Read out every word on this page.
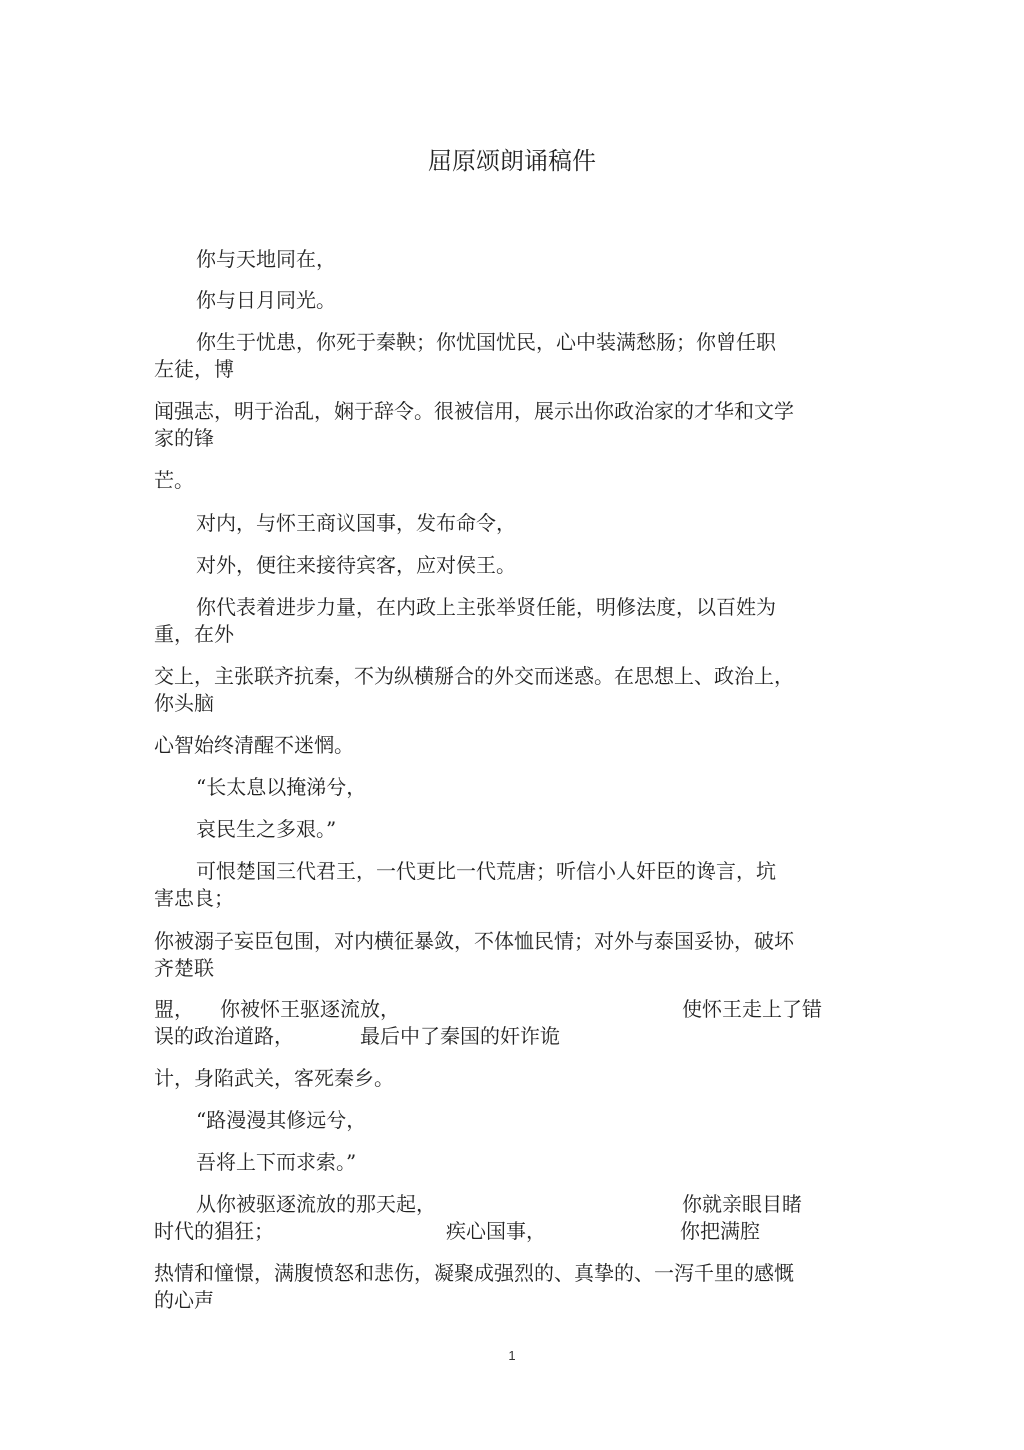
屈原颂朗诵稿件
你与天地同在，
你与日月同光。
你生于忧患，你死于秦鞅；你忧国忧民，心中装满愁肠；你曾任职
左徒，博
闻强志，明于治乱，娴于辞令。很被信用，展示出你政治家的才华和文学
家的锋
芒。
对内，与怀王商议国事，发布命令，
对外，便往来接待宾客，应对侯王。
你代表着进步力量，在内政上主张举贤任能，明修法度，以百姓为
重，在外
交上，主张联齐抗秦，不为纵横掰合的外交而迷惑。在思想上、政治上，
你头脑
心智始终清醒不迷惘。
“长太息以掩涕兮，
哀民生之多艰。”
可恨楚国三代君王，一代更比一代荒唐；听信小人奸臣的谗言，坑
害忠良；
你被溺子妄臣包围，对内横征暴敛，不体恤民情；对外与泰国妥协，破坏
齐楚联
盟， 你被怀王驱逐流放，	使怀王走上了错
误的政治道路，	最后中了秦国的奸诈诡
计，身陷武关，客死秦乡。
“路漫漫其修远兮，
吾将上下而求索。”
从你被驱逐流放的那天起，	你就亲眼目睹
时代的猖狂；	疾心国事，	你把满腔
热情和憧憬，满腹愤怒和悲伤，凝聚成强烈的、真挚的、一泻千里的感慨
的心声
1
